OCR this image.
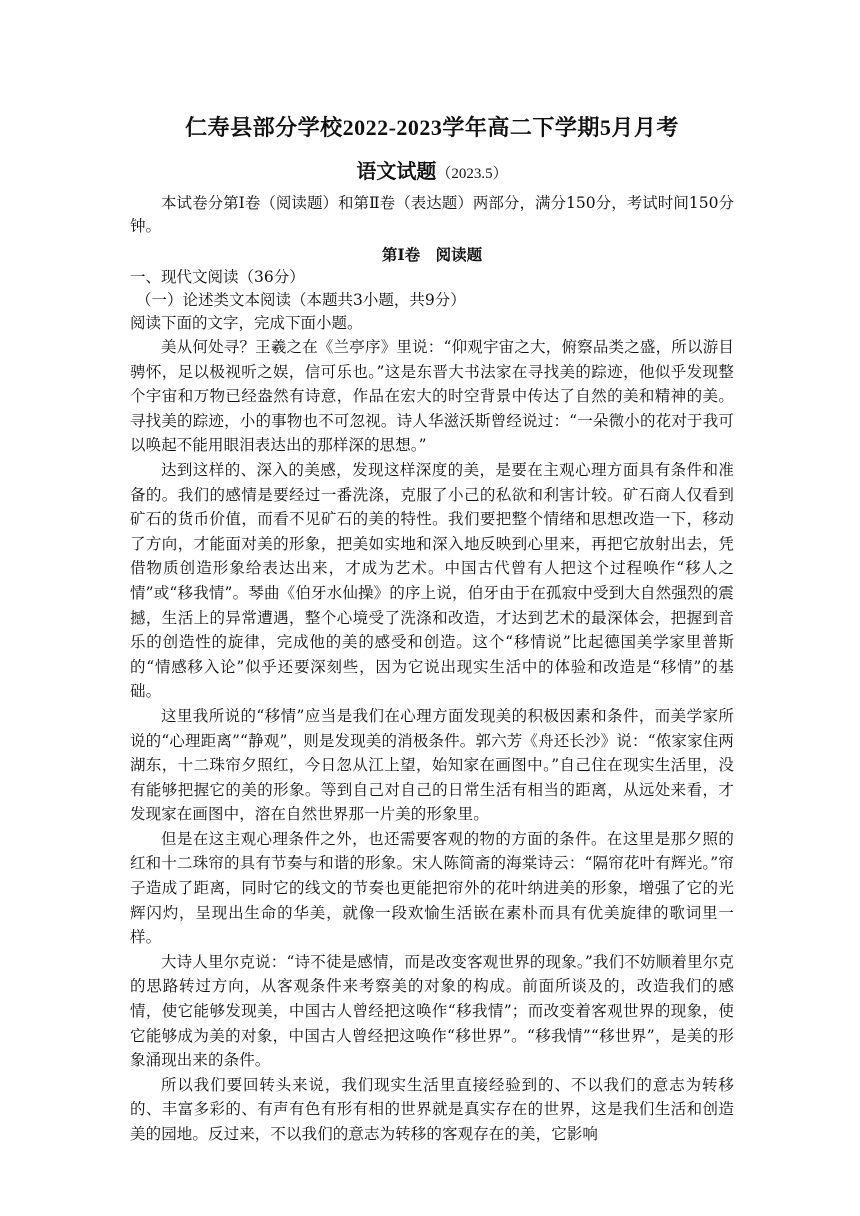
仁寿县部分学校2022-2023学年高二下学期5月月考
语文试题（2023.5）

本试卷分第Ⅰ卷（阅读题）和第Ⅱ卷（表达题）两部分，满分150分，考试时间150分钟。

第Ⅰ卷　阅读题

一、现代文阅读（36分）

（一）论述类文本阅读（本题共3小题，共9分）

阅读下面的文字，完成下面小题。

美从何处寻？王羲之在《兰亭序》里说：“仰观宇宙之大，俯察品类之盛，所以游目骋怀，足以极视听之娱，信可乐也。”这是东晋大书法家在寻找美的踪迹，他似乎发现整个宇宙和万物已经盎然有诗意，作品在宏大的时空背景中传达了自然的美和精神的美。寻找美的踪迹，小的事物也不可忽视。诗人华滋沃斯曾经说过：“一朵微小的花对于我可以唤起不能用眼泪表达出的那样深的思想。”

达到这样的、深入的美感，发现这样深度的美，是要在主观心理方面具有条件和准备的。我们的感情是要经过一番洗涤，克服了小己的私欲和利害计较。矿石商人仅看到矿石的货币价值，而看不见矿石的美的特性。我们要把整个情绪和思想改造一下，移动了方向，才能面对美的形象，把美如实地和深入地反映到心里来，再把它放射出去，凭借物质创造形象给表达出来，才成为艺术。中国古代曾有人把这个过程唤作“移人之情”或“移我情”。琴曲《伯牙水仙操》的序上说，伯牙由于在孤寂中受到大自然强烈的震撼，生活上的异常遭遇，整个心境受了洗涤和改造，才达到艺术的最深体会，把握到音乐的创造性的旋律，完成他的美的感受和创造。这个“移情说”比起德国美学家里普斯的“情感移入论”似乎还要深刻些，因为它说出现实生活中的体验和改造是“移情”的基础。

这里我所说的“移情”应当是我们在心理方面发现美的积极因素和条件，而美学家所说的“心理距离”“静观”，则是发现美的消极条件。郭六芳《舟还长沙》说：“侬家家住两湖东，十二珠帘夕照红，今日忽从江上望，始知家在画图中。”自己住在现实生活里，没有能够把握它的美的形象。等到自己对自己的日常生活有相当的距离，从远处来看，才发现家在画图中，溶在自然世界那一片美的形象里。

但是在这主观心理条件之外，也还需要客观的物的方面的条件。在这里是那夕照的红和十二珠帘的具有节奏与和谐的形象。宋人陈简斋的海棠诗云：“隔帘花叶有辉光。”帘子造成了距离，同时它的线文的节奏也更能把帘外的花叶纳进美的形象，增强了它的光辉闪灼，呈现出生命的华美，就像一段欢愉生活嵌在素朴而具有优美旋律的歌词里一样。

大诗人里尔克说：“诗不徒是感情，而是改变客观世界的现象。”我们不妨顺着里尔克的思路转过方向，从客观条件来考察美的对象的构成。前面所谈及的，改造我们的感情，使它能够发现美，中国古人曾经把这唤作“移我情”；而改变着客观世界的现象，使它能够成为美的对象，中国古人曾经把这唤作“移世界”。“移我情”“移世界”，是美的形象涌现出来的条件。

所以我们要回转头来说，我们现实生活里直接经验到的、不以我们的意志为转移的、丰富多彩的、有声有色有形有相的世界就是真实存在的世界，这是我们生活和创造美的园地。反过来，不以我们的意志为转移的客观存在的美，它影响
